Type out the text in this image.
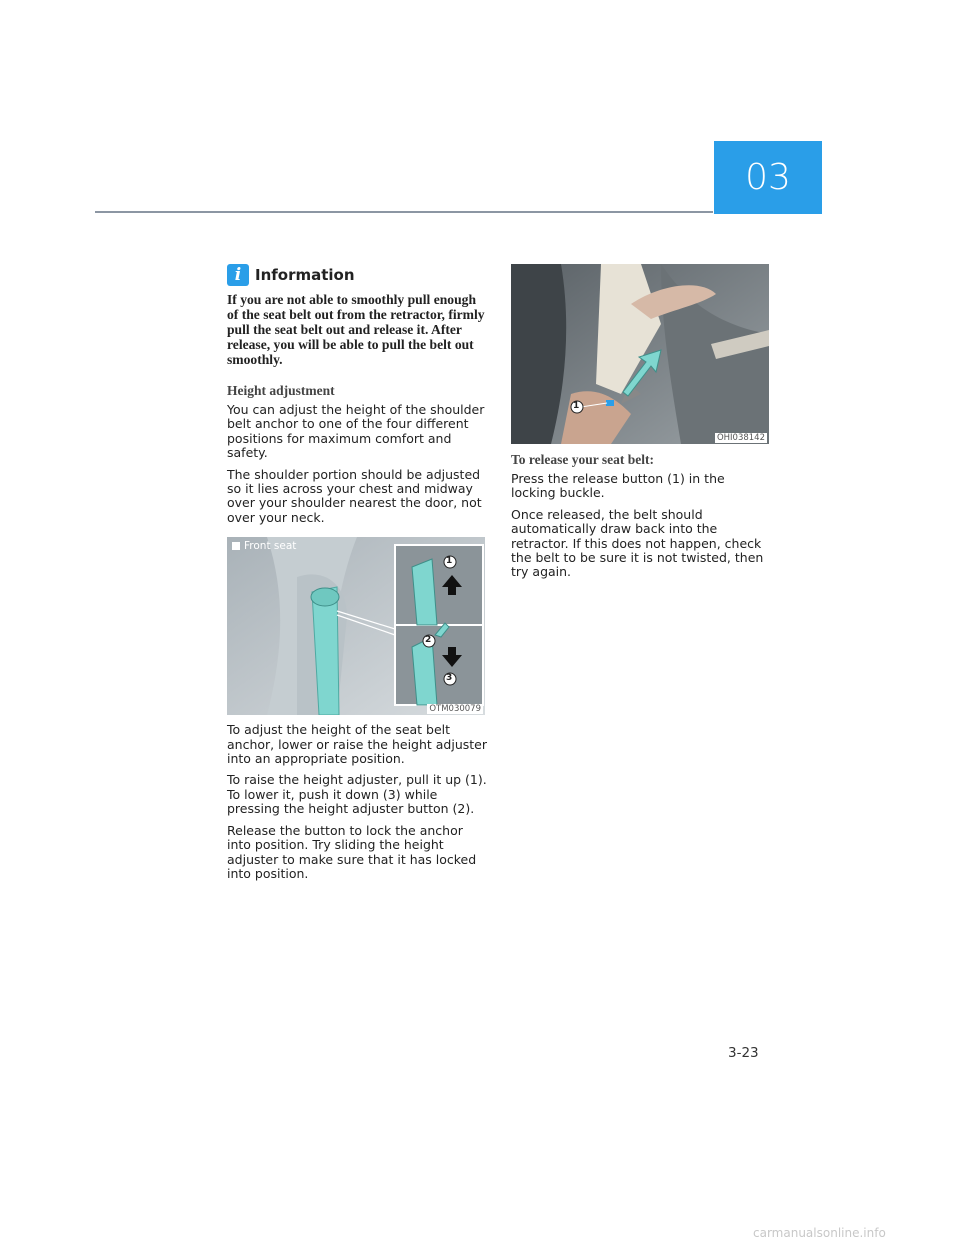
03
i Information

If you are not able to smoothly pull enough of the seat belt out from the retractor, firmly pull the seat belt out and release it. After release, you will be able to pull the belt out smoothly.

Height adjustment

You can adjust the height of the shoulder belt anchor to one of the four different positions for maximum comfort and safety.

The shoulder portion should be adjusted so it lies across your chest and midway over your shoulder nearest the door, not over your neck.

1
2
3
Front seat
OTM030079

To adjust the height of the seat belt anchor, lower or raise the height adjuster into an appropriate position.

To raise the height adjuster, pull it up (1). To lower it, push it down (3) while pressing the height adjuster button (2).

Release the button to lock the anchor into position. Try sliding the height adjuster to make sure that it has locked into position.

1
OHI038142

To release your seat belt:

Press the release button (1) in the locking buckle.

Once released, the belt should automatically draw back into the retractor. If this does not happen, check the belt to be sure it is not twisted, then try again.

3-23
carmanualsonline.info
